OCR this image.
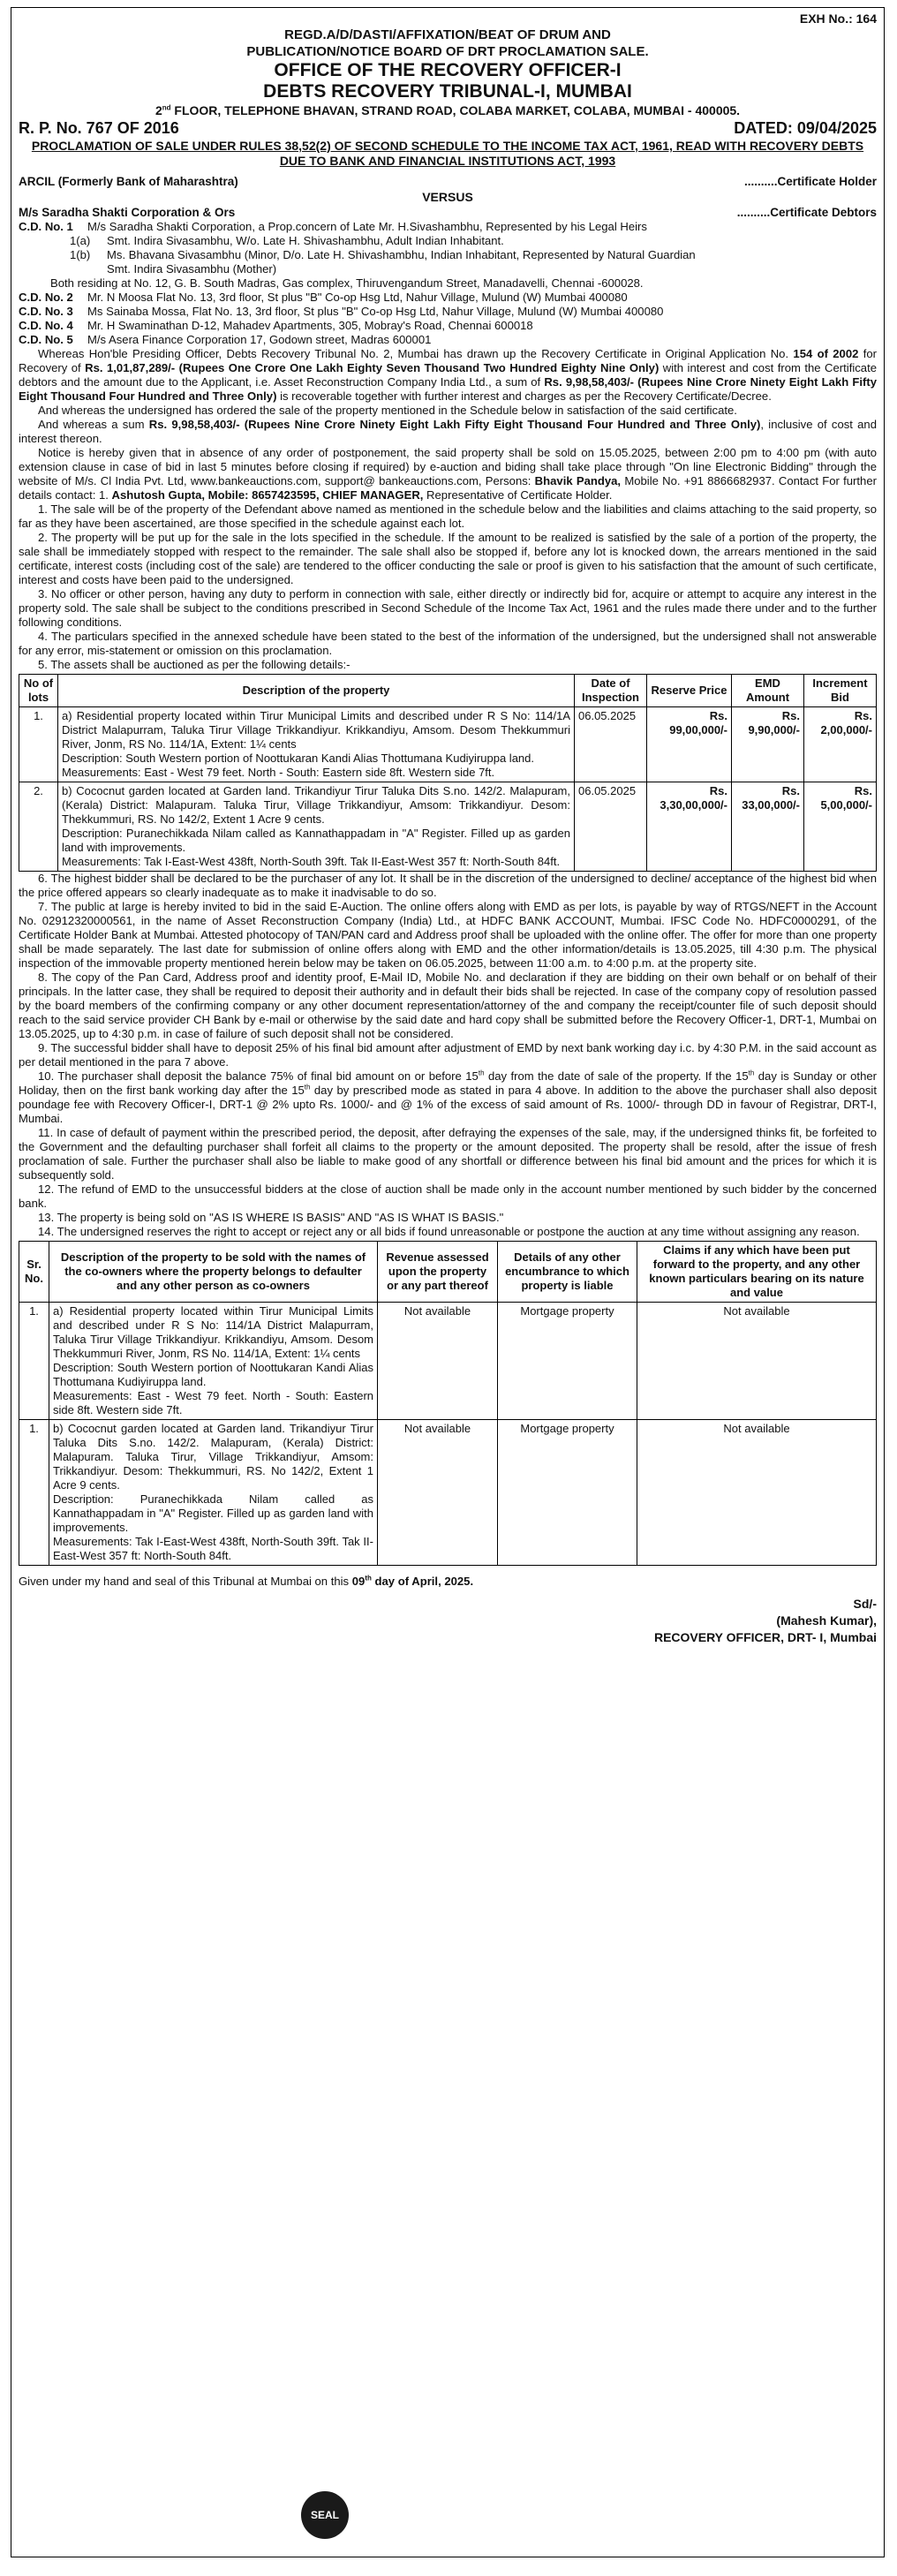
EXH No.: 164
REGD.A/D/DASTI/AFFIXATION/BEAT OF DRUM AND
PUBLICATION/NOTICE BOARD OF DRT PROCLAMATION SALE.
OFFICE OF THE RECOVERY OFFICER-I
DEBTS RECOVERY TRIBUNAL-I, MUMBAI
2nd FLOOR, TELEPHONE BHAVAN, STRAND ROAD, COLABA MARKET, COLABA, MUMBAI - 400005.
R. P. No. 767 OF 2016	DATED: 09/04/2025
PROCLAMATION OF SALE UNDER RULES 38,52(2) OF SECOND SCHEDULE TO THE INCOME TAX ACT, 1961, READ WITH RECOVERY DEBTS DUE TO BANK AND FINANCIAL INSTITUTIONS ACT, 1993
ARCIL (Formerly Bank of Maharashtra)	..........Certificate Holder
VERSUS
M/s Saradha Shakti Corporation & Ors	..........Certificate Debtors
C.D. No. 1	M/s Saradha Shakti Corporation, a Prop.concern of Late Mr. H.Sivashambhu, Represented by his Legal Heirs
1(a)	Smt. Indira Sivasambhu, W/o. Late H. Shivashambhu, Adult Indian Inhabitant.
1(b)	Ms. Bhavana Sivasambhu (Minor, D/o. Late H. Shivashambhu, Indian Inhabitant, Represented by Natural Guardian
Smt. Indira Sivasambhu (Mother)
Both residing at No. 12, G. B. South Madras, Gas complex, Thiruvengandum Street, Manadavelli, Chennai -600028.
C.D. No. 2	Mr. N Moosa Flat No. 13, 3rd floor, St plus "B" Co-op Hsg Ltd, Nahur Village, Mulund (W) Mumbai 400080
C.D. No. 3	Ms Sainaba Mossa, Flat No. 13, 3rd floor, St plus "B" Co-op Hsg Ltd, Nahur Village, Mulund (W) Mumbai 400080
C.D. No. 4	Mr. H Swaminathan D-12, Mahadev Apartments, 305, Mobray's Road, Chennai 600018
C.D. No. 5	M/s Asera Finance Corporation 17, Godown street, Madras 600001

Whereas Hon'ble Presiding Officer, Debts Recovery Tribunal No. 2, Mumbai has drawn up the Recovery Certificate in Original Application No. 154 of 2002 for Recovery of Rs. 1,01,87,289/- (Rupees One Crore One Lakh Eighty Seven Thousand Two Hundred Eighty Nine Only) with interest and cost from the Certificate debtors and the amount due to the Applicant, i.e. Asset Reconstruction Company India Ltd., a sum of Rs. 9,98,58,403/- (Rupees Nine Crore Ninety Eight Lakh Fifty Eight Thousand Four Hundred and Three Only) is recoverable together with further interest and charges as per the Recovery Certificate/Decree.

And whereas the undersigned has ordered the sale of the property mentioned in the Schedule below in satisfaction of the said certificate.

And whereas a sum Rs. 9,98,58,403/- (Rupees Nine Crore Ninety Eight Lakh Fifty Eight Thousand Four Hundred and Three Only), inclusive of cost and interest thereon.

Notice is hereby given that in absence of any order of postponement, the said property shall be sold on 15.05.2025, between 2:00 pm to 4:00 pm (with auto extension clause in case of bid in last 5 minutes before closing if required) by e-auction and biding shall take place through "On line Electronic Bidding" through the website of M/s. Cl India Pvt. Ltd, www.bankeauctions.com, support@ bankeauctions.com, Persons: Bhavik Pandya, Mobile No. +91 8866682937. Contact For further details contact: 1. Ashutosh Gupta, Mobile: 8657423595, CHIEF MANAGER, Representative of Certificate Holder.

1. The sale will be of the property of the Defendant above named as mentioned in the schedule below and the liabilities and claims attaching to the said property, so far as they have been ascertained, are those specified in the schedule against each lot.

2. The property will be put up for the sale in the lots specified in the schedule. If the amount to be realized is satisfied by the sale of a portion of the property, the sale shall be immediately stopped with respect to the remainder. The sale shall also be stopped if, before any lot is knocked down, the arrears mentioned in the said certificate, interest costs (including cost of the sale) are tendered to the officer conducting the sale or proof is given to his satisfaction that the amount of such certificate, interest and costs have been paid to the undersigned.

3. No officer or other person, having any duty to perform in connection with sale, either directly or indirectly bid for, acquire or attempt to acquire any interest in the property sold. The sale shall be subject to the conditions prescribed in Second Schedule of the Income Tax Act, 1961 and the rules made there under and to the further following conditions.

4. The particulars specified in the annexed schedule have been stated to the best of the information of the undersigned, but the undersigned shall not answerable for any error, mis-statement or omission on this proclamation.

5. The assets shall be auctioned as per the following details:-

No of lots	Description of the property	Date of Inspection	Reserve Price	EMD Amount	Increment Bid
1.	a) Residential property located within Tirur Municipal Limits and described under R S No: 114/1A District Malapurram, Taluka Tirur Village Trikkandiyur. Krikkandiyu, Amsom. Desom Thekkummuri River, Jonm, RS No. 114/1A, Extent: 1¼ cents
Description: South Western portion of Noottukaran Kandi Alias Thottumana Kudiyiruppa land.
Measurements: East - West 79 feet. North - South: Eastern side 8ft. Western side 7ft.	06.05.2025	Rs. 99,00,000/-	Rs. 9,90,000/-	Rs. 2,00,000/-
2.	b) Cococnut garden located at Garden land. Trikandiyur Tirur Taluka Dits S.no. 142/2. Malapuram, (Kerala) District: Malapuram. Taluka Tirur, Village Trikkandiyur, Amsom: Trikkandiyur. Desom: Thekkummuri, RS. No 142/2, Extent 1 Acre 9 cents.
Description: Puranechikkada Nilam called as Kannathappadam in "A" Register. Filled up as garden land with improvements.
Measurements: Tak I-East-West 438ft, North-South 39ft. Tak II-East-West 357 ft: North-South 84ft.	06.05.2025	Rs. 3,30,00,000/-	Rs. 33,00,000/-	Rs. 5,00,000/-

6. The highest bidder shall be declared to be the purchaser of any lot. It shall be in the discretion of the undersigned to decline/ acceptance of the highest bid when the price offered appears so clearly inadequate as to make it inadvisable to do so.

7. The public at large is hereby invited to bid in the said E-Auction. The online offers along with EMD as per lots, is payable by way of RTGS/NEFT in the Account No. 02912320000561, in the name of Asset Reconstruction Company (India) Ltd., at HDFC BANK ACCOUNT, Mumbai. IFSC Code No. HDFC0000291, of the Certificate Holder Bank at Mumbai. Attested photocopy of TAN/PAN card and Address proof shall be uploaded with the online offer. The offer for more than one property shall be made separately. The last date for submission of online offers along with EMD and the other information/details is 13.05.2025, till 4:30 p.m. The physical inspection of the immovable property mentioned herein below may be taken on 06.05.2025, between 11:00 a.m. to 4:00 p.m. at the property site.

8. The copy of the Pan Card, Address proof and identity proof, E-Mail ID, Mobile No. and declaration if they are bidding on their own behalf or on behalf of their principals. In the latter case, they shall be required to deposit their authority and in default their bids shall be rejected. In case of the company copy of resolution passed by the board members of the confirming company or any other document representation/attorney of the and company the receipt/counter file of such deposit should reach to the said service provider CH Bank by e-mail or otherwise by the said date and hard copy shall be submitted before the Recovery Officer-1, DRT-1, Mumbai on 13.05.2025, up to 4:30 p.m. in case of failure of such deposit shall not be considered.

9. The successful bidder shall have to deposit 25% of his final bid amount after adjustment of EMD by next bank working day i.c. by 4:30 P.M. in the said account as per detail mentioned in the para 7 above.

10. The purchaser shall deposit the balance 75% of final bid amount on or before 15th day from the date of sale of the property. If the 15th day is Sunday or other Holiday, then on the first bank working day after the 15th day by prescribed mode as stated in para 4 above. In addition to the above the purchaser shall also deposit poundage fee with Recovery Officer-I, DRT-1 @ 2% upto Rs. 1000/- and @ 1% of the excess of said amount of Rs. 1000/- through DD in favour of Registrar, DRT-I, Mumbai.

11. In case of default of payment within the prescribed period, the deposit, after defraying the expenses of the sale, may, if the undersigned thinks fit, be forfeited to the Government and the defaulting purchaser shall forfeit all claims to the property or the amount deposited. The property shall be resold, after the issue of fresh proclamation of sale. Further the purchaser shall also be liable to make good of any shortfall or difference between his final bid amount and the prices for which it is subsequently sold.

12. The refund of EMD to the unsuccessful bidders at the close of auction shall be made only in the account number mentioned by such bidder by the concerned bank.

13. The property is being sold on "AS IS WHERE IS BASIS" AND "AS IS WHAT IS BASIS."

14. The undersigned reserves the right to accept or reject any or all bids if found unreasonable or postpone the auction at any time without assigning any reason.

Sr. No.	Description of the property to be sold with the names of the co-owners where the property belongs to defaulter and any other person as co-owners	Revenue assessed upon the property or any part thereof	Details of any other encumbrance to which property is liable	Claims if any which have been put forward to the property, and any other known particulars bearing on its nature and value
1.	a) Residential property located within Tirur Municipal Limits and described under R S No: 114/1A District Malapurram, Taluka Tirur Village Trikkandiyur. Krikkandiyu, Amsom. Desom Thekkummuri River, Jonm, RS No. 114/1A, Extent: 1¼ cents
Description: South Western portion of Noottukaran Kandi Alias Thottumana Kudiyiruppa land.
Measurements: East - West 79 feet. North - South: Eastern side 8ft. Western side 7ft.	Not available	Mortgage property	Not available
1.	b) Cococnut garden located at Garden land. Trikandiyur Tirur Taluka Dits S.no. 142/2. Malapuram, (Kerala) District: Malapuram. Taluka Tirur, Village Trikkandiyur, Amsom: Trikkandiyur. Desom: Thekkummuri, RS. No 142/2, Extent 1 Acre 9 cents.
Description: Puranechikkada Nilam called as Kannathappadam in "A" Register. Filled up as garden land with improvements.
Measurements: Tak I-East-West 438ft, North-South 39ft. Tak II-East-West 357 ft: North-South 84ft.	Not available	Mortgage property	Not available
Given under my hand and seal of this Tribunal at Mumbai on this 09th day of April, 2025.
Sd/-
(Mahesh Kumar),
RECOVERY OFFICER, DRT- I, Mumbai
SEAL
